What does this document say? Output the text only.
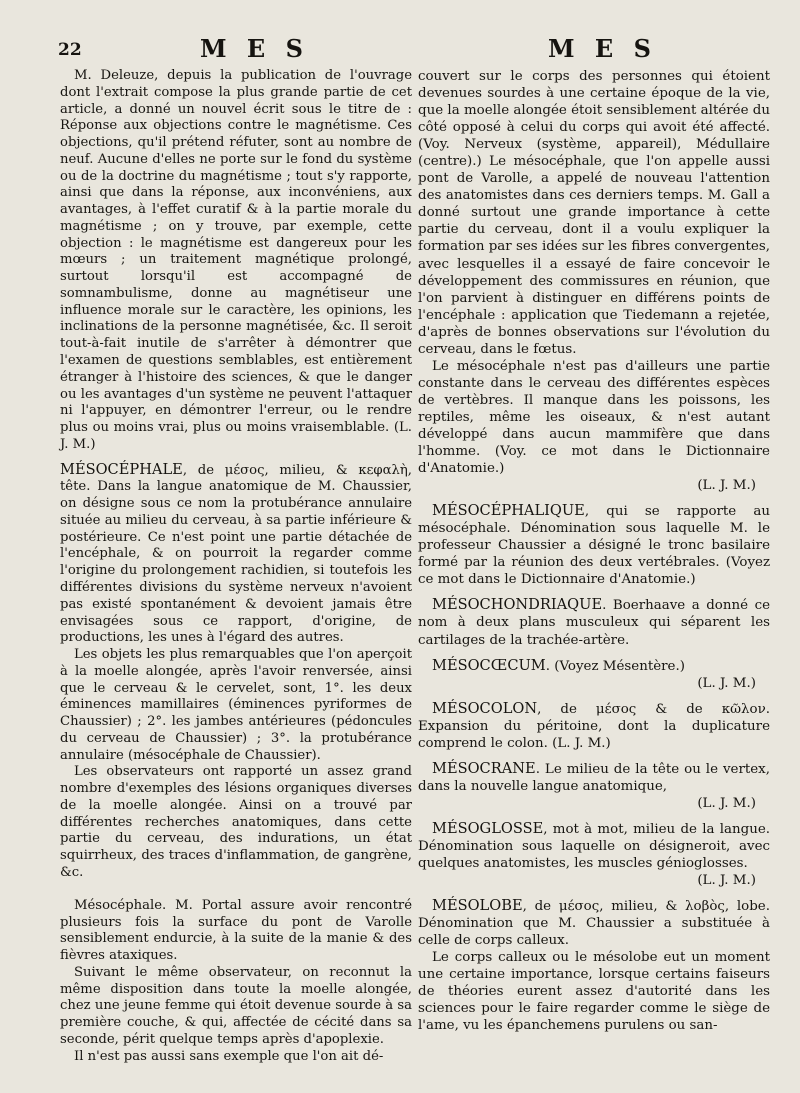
22	M E S	M E S

M. Deleuze, depuis la publication de l'ouvrage dont l'extrait compose la plus grande partie de cet article, a donné un nouvel écrit sous le titre de : Réponse aux objections contre le magnétisme. Ces objections, qu'il prétend réfuter, sont au nombre de neuf. Aucune d'elles ne porte sur le fond du système ou de la doctrine du magnétisme ; tout s'y rapporte, ainsi que dans la réponse, aux inconvéniens, aux avantages, à l'effet curatif & à la partie morale du magnétisme ; on y trouve, par exemple, cette objection : le magnétisme est dangereux pour les mœurs ; un traitement magnétique prolongé, surtout lorsqu'il est accompagné de somnambulisme, donne au magnétiseur une influence morale sur le caractère, les opinions, les inclinations de la personne magnétisée, &c. Il seroit tout-à-fait inutile de s'arrêter à démontrer que l'examen de questions semblables, est entièrement étranger à l'histoire des sciences, & que le danger ou les avantages d'un système ne peuvent l'attaquer ni l'appuyer, en démontrer l'erreur, ou le rendre plus ou moins vrai, plus ou moins vraisemblable. (L. J. M.)

MÉSOCÉPHALE, de μέσος, milieu, & κεφαλὴ, tête. Dans la langue anatomique de M. Chaussier, on désigne sous ce nom la protubérance annulaire située au milieu du cerveau, à sa partie inférieure & postérieure. Ce n'est point une partie détachée de l'encéphale, & on pourroit la regarder comme l'origine du prolongement rachidien, si toutefois les différentes divisions du système nerveux n'avoient pas existé spontanément & devoient jamais être envisagées sous ce rapport, d'origine, de productions, les unes à l'égard des autres.

Les objets les plus remarquables que l'on aperçoit à la moelle alongée, après l'avoir renversée, ainsi que le cerveau & le cervelet, sont, 1°. les deux éminences mamillaires (éminences pyriformes de Chaussier) ; 2°. les jambes antérieures (pédoncules du cerveau de Chaussier) ; 3°. la protubérance annulaire (mésocéphale de Chaussier).

Les observateurs ont rapporté un assez grand nombre d'exemples des lésions organiques diverses de la moelle alongée. Ainsi on a trouvé par différentes recherches anatomiques, dans cette partie du cerveau, des indurations, un état squirrheux, des traces d'inflammation, de gangrène, &c.

Mésocéphale. M. Portal assure avoir rencontré plusieurs fois la surface du pont de Varolle sensiblement endurcie, à la suite de la manie & des fièvres ataxiques.

Suivant le même observateur, on reconnut la même disposition dans toute la moelle alongée, chez une jeune femme qui étoit devenue sourde à sa première couche, & qui, affectée de cécité dans sa seconde, périt quelque temps après d'apoplexie.

Il n'est pas aussi sans exemple que l'on ait dé-

couvert sur le corps des personnes qui étoient devenues sourdes à une certaine époque de la vie, que la moelle alongée étoit sensiblement altérée du côté opposé à celui du corps qui avoit été affecté. (Voy. Nerveux (système, appareil), Médullaire (centre).) Le mésocéphale, que l'on appelle aussi pont de Varolle, a appelé de nouveau l'attention des anatomistes dans ces derniers temps. M. Gall a donné surtout une grande importance à cette partie du cerveau, dont il a voulu expliquer la formation par ses idées sur les fibres convergentes, avec lesquelles il a essayé de faire concevoir le développement des commissures en réunion, que l'on parvient à distinguer en différens points de l'encéphale : application que Tiedemann a rejetée, d'après de bonnes observations sur l'évolution du cerveau, dans le fœtus.

Le mésocéphale n'est pas d'ailleurs une partie constante dans le cerveau des différentes espèces de vertèbres. Il manque dans les poissons, les reptiles, même les oiseaux, & n'est autant développé dans aucun mammifère que dans l'homme. (Voy. ce mot dans le Dictionnaire d'Anatomie.)

(L. J. M.)

MÉSOCÉPHALIQUE, qui se rapporte au mésocéphale. Dénomination sous laquelle M. le professeur Chaussier a désigné le tronc basilaire formé par la réunion des deux vertébrales. (Voyez ce mot dans le Dictionnaire d'Anatomie.)

MÉSOCHONDRIAQUE. Boerhaave a donné ce nom à deux plans musculeux qui séparent les cartilages de la trachée-artère.

MÉSOCŒCUM. (Voyez Mésentère.)

(L. J. M.)

MÉSOCOLON, de μέσος & de κῶλον. Expansion du péritoine, dont la duplicature comprend le colon. (L. J. M.)

MÉSOCRANE. Le milieu de la tête ou le vertex, dans la nouvelle langue anatomique,

(L. J. M.)

MÉSOGLOSSE, mot à mot, milieu de la langue. Dénomination sous laquelle on désigneroit, avec quelques anatomistes, les muscles génioglosses.

(L. J. M.)

MÉSOLOBE, de μέσος, milieu, & λοβὸς, lobe. Dénomination que M. Chaussier a substituée à celle de corps calleux.

Le corps calleux ou le mésolobe eut un moment une certaine importance, lorsque certains faiseurs de théories eurent assez d'autorité dans les sciences pour le faire regarder comme le siège de l'ame, vu les épanchemens purulens ou san-
